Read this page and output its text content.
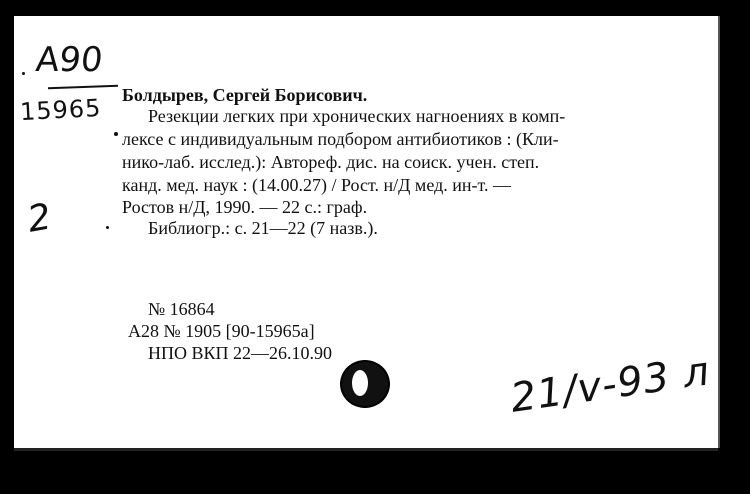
А90
15965
2
Болдырев, Сергей Борисович.
Резекции легких при хронических нагноениях в комп-
лексе с индивидуальным подбором антибиотиков : (Кли-
нико-лаб. исслед.): Автореф. дис. на соиск. учен. степ.
канд. мед. наук : (14.00.27) / Рост. н/Д мед. ин-т. —
Ростов н/Д, 1990. — 22 с.: граф.
Библиогр.: с. 21—22 (7 назв.).
№ 16864
А28 № 1905 [90-15965а]
НПО ВКП 22—26.10.90	21/v-93 л
